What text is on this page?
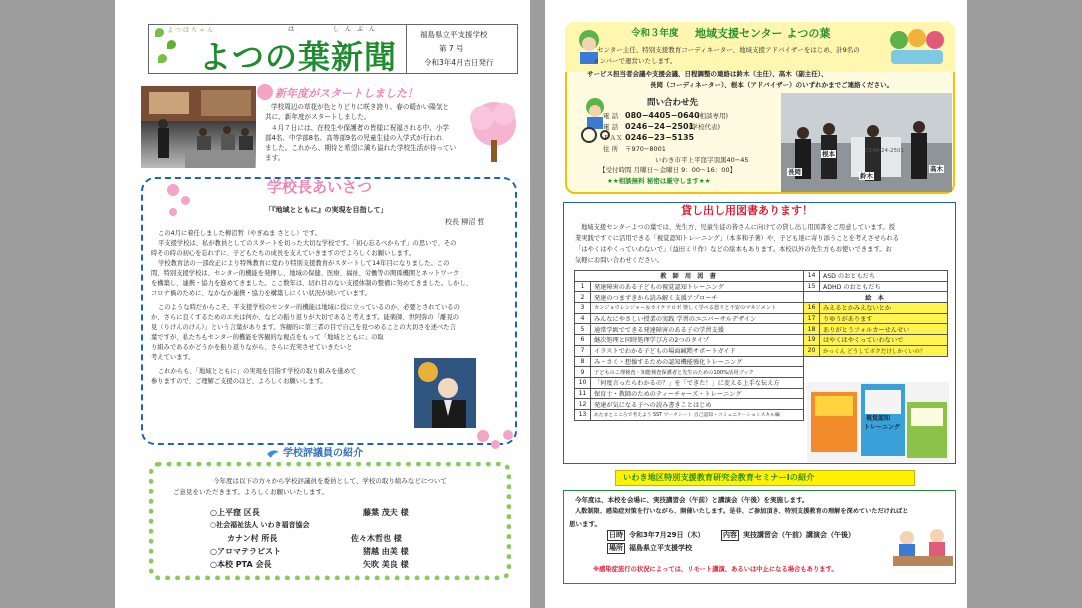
よつばちゃん	は	しんぶん
よつの葉新聞
福島県立平支援学校
第 7 号
令和3年4月吉日発行
新年度がスタートしました！
学校周辺の草花が色とりどりに咲き誇り、春の暖かい陽気と
共に、新年度がスタートしました。
４月７日には、在校生や保護者の皆様に祝福される中、小学
部4名、中学部8名、高等部9名の児童生徒の入学式が行われ
ました。これから、期待と希望に満ち溢れた学校生活が待ってい
ます。
学校長あいさつ
「『地域とともに』の実現を目指して」
校長 柳沼 哲
この4月に着任しました柳沼哲（やぎぬま さとし）です。
平支援学校は、私が教員としてのスタートを切った大切な学校です。「初心忘るべからず」の思いで、その
時その時の初心を忘れずに、子どもたちの成長を支えていきますのでよろしくお願いします。
学校教育法の一部改正により特殊教育に変わり特別支援教育がスタートして14年目になりました。この
間、特別支援学校は、センター的機能を発揮し、地域の保健、医療、福祉、労働等の関係機関とネットワーク
を構築し、連携・協力を進めてきました。ここ数年は、切れ目のない支援体制の整備に努めてきました。しかし、
コロナ禍のために、なかなか連携・協力を構築しにくい状況が続いています。
このような時だからこそ、平支援学校のセンター的機能は地域に役に立っているのか、必要とされているの
か、さらに良くするためのエ夫は何か、などの振り返りが大切であると考えます。能楽師、世阿弥の「離見の
見（りけんのけん）」という言葉があります。客観的に第三者の目で自己を見つめることの大切さを述べた言
葉ですが、私たちもセンター的機能を客観的な視点をもって「地域とともに」の取
り組みであるかどうかを振り返りながら、さらに充実させていきたいと
考えています。
これからも、「地域とともに」の実現を目指す学校の取り組みを進めて
参りますので、ご理解ご支援のほど、よろしくお願いします。
学校評議員の紹介
今年度は以下の方々から学校評議員を委員として、学校の取り組みなどについて
ご意見をいただきます。よろしくお願いいたします。
○上平窪 区長	藤葉 茂夫 様
○社会福祉法人 いわき福音協会
カナン村 所長	佐々木哲也 様
○アロマテラピスト	猪越 由美 様
○本校 PTA 会長	矢吹 美良 様
令和３年度 地域支援センター よつの葉
センター主任、特別支援教育コーディネーター、地域支援アドバイザーをはじめ、計9名の
メンバーで運営いたします。
サービス担当者会議や支援会議、日程調整の連絡は鈴木（主任）、高木（副主任）、
長岡（コーディネーター）、根本（アドバイザー）のいずれかまでご連絡ください。
問い合わせ先
電 話 080−4405−0640
(相談専用)
電 話 0246−24−2501
(学校代表)
ＦＡＸ 0246−23−5135
住 所 〒970−8001
いわき市平上平窪字羽黒40−45
【受付時間 月曜日～金曜日 9：00～16：00】
★★相談無料 秘密は厳守します★★
0246-24-2501
根本
長岡	鈴木
高木
貸し出し用図書あります！
地域支援センターよつの葉では、先生方、児童生徒の皆さんに向けての貸し出し用図書をご用意しています。授
業実践ですぐに活用できる「視覚認知トレーニング」（本多和子著）や、子ども達に寄り添うことを考えさせられる
「はやくはやくっていわないで」（益田ミリ作）などの絵本もあります。本校以外の先生方もお使いできます。お
気軽にお問い合わせください。
教 師 用 図 書	
1	発達障害のある子どもの視覚認知トレーニング
2	発達のつまずきから読み解く支援アプローチ
3	カンジョウレンジャー＆カイケツロボ 楽しく学べる怒りと不安のマネジメント
4	みんなにやさしい授業の実践 学習のユニバーサルデザイン
5	通常学級でできる発達障害のある子の学習支援
6	継次処理と同時処理学び方の2つのタイプ
7	イラストでわかる子どもの場面緘黙サポートガイド
8	み・さく・想像するための認知機能強化トレーニング
9	子どものこ理検査・知能検査保護者と先生のための100%活用ブック
10	「何度言ったらわかるの？」を「できた！」に変える上手な伝え方
11	保育士・教師のためのティーチャーズ・トレーニング
12	発達が気になる子への読み書きことはじめ
13	あたまとこころで考えよう SST ワークシート 自己認知・コミュニケーションスキル編
14	ASD のおともだち
15	ADHD のおともだち
絵 本	
16	みえるとかみえないとか
17	りゆうがあります
18	ありがとうフォルカーせんせい
19	はやくはやくっていわないで
20	かっくん どうしてボクだけしかくいの？
視覚認知
トレーニング
いわき地区特別支援教育研究会教育セミナーⅠの紹介
今年度は、本校を会場に、実技講習会（午前）と講演会（午後）を実施します。
人数制限、感染症対策を行いながら、開催いたします。是非、ご参加頂き、特別支援教育の理解を深めていただければと
思います。
日時 令和3年7月29日（木）	内容 実技講習会（午前）講演会（午後）
場所 福島県立平支援学校
※感染症流行の状況によっては、リモート講演、あるいは中止になる場合もあります。
